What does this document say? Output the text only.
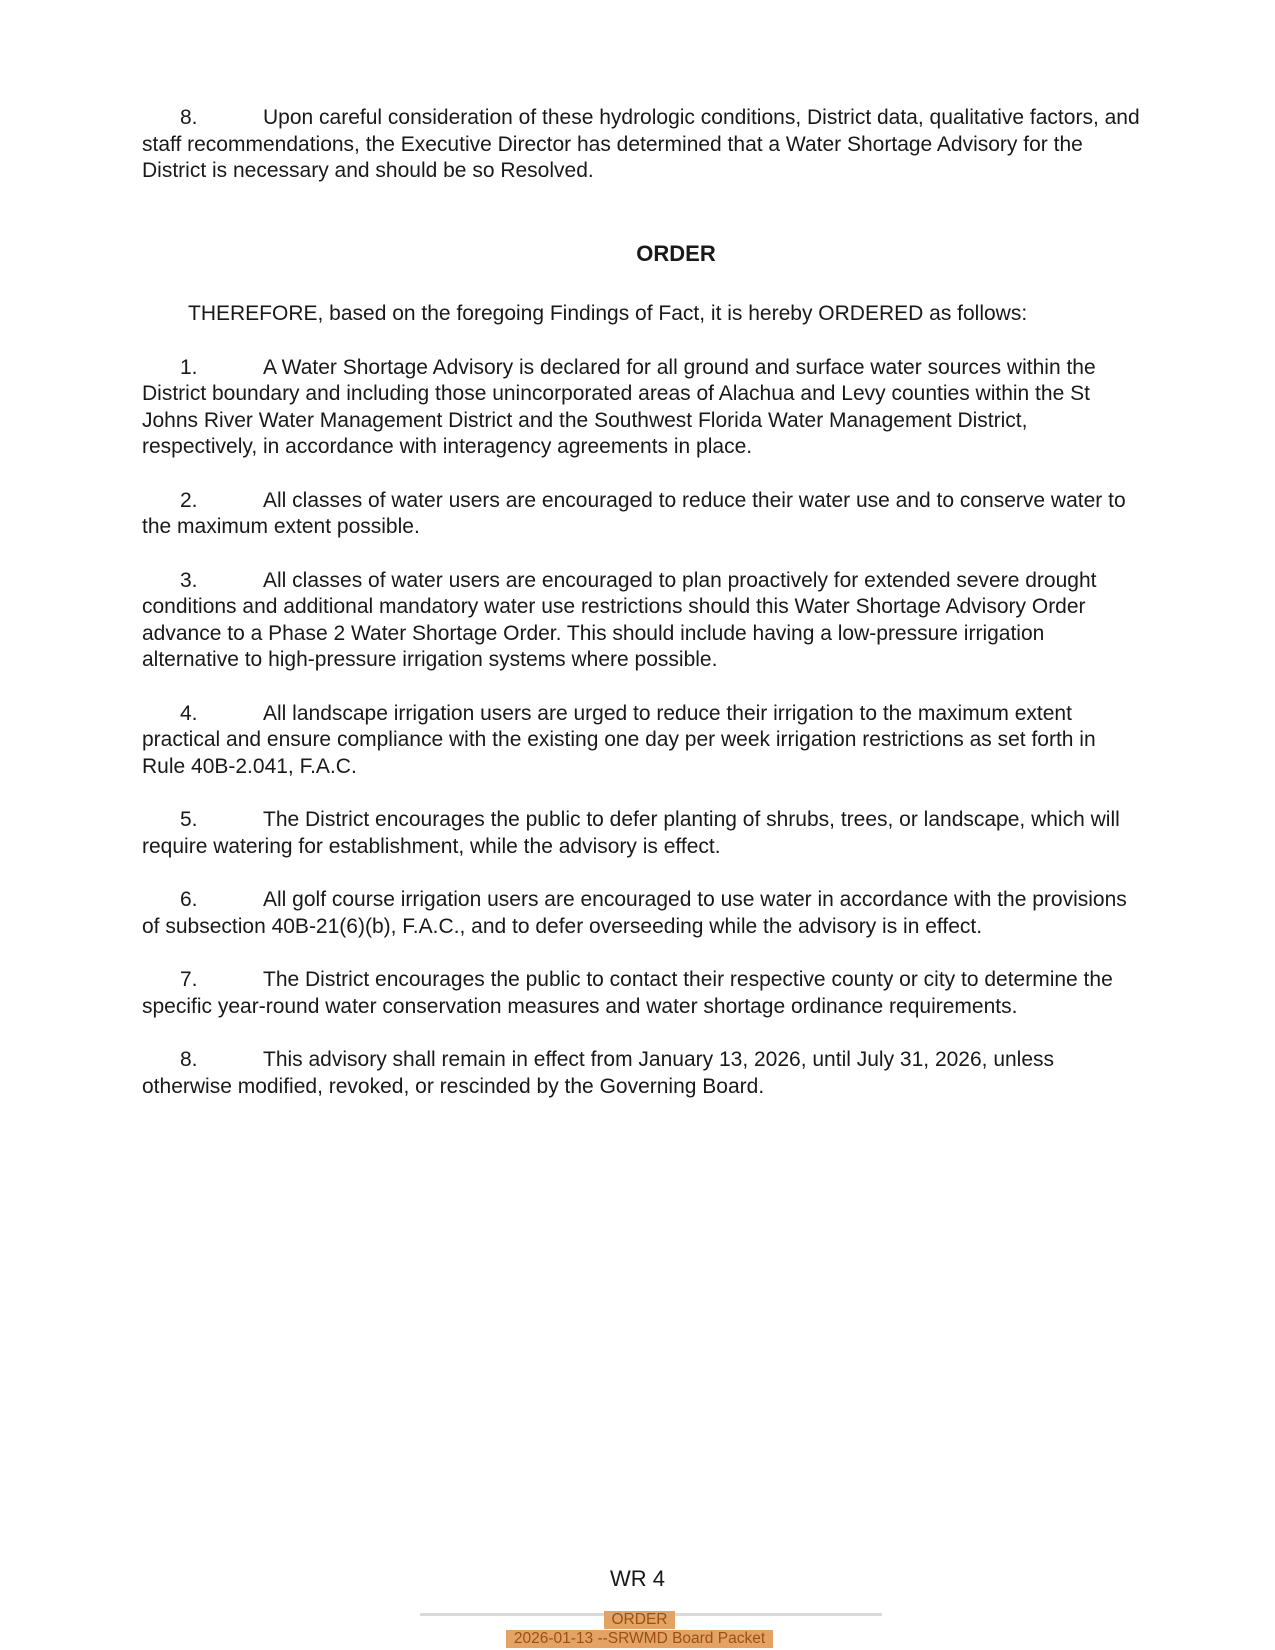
8.	Upon careful consideration of these hydrologic conditions, District data, qualitative factors, and staff recommendations, the Executive Director has determined that a Water Shortage Advisory for the District is necessary and should be so Resolved.

ORDER

THEREFORE, based on the foregoing Findings of Fact, it is hereby ORDERED as follows:

1.	A Water Shortage Advisory is declared for all ground and surface water sources within the District boundary and including those unincorporated areas of Alachua and Levy counties within the St Johns River Water Management District and the Southwest Florida Water Management District, respectively, in accordance with interagency agreements in place.

2.	All classes of water users are encouraged to reduce their water use and to conserve water to the maximum extent possible.

3.	All classes of water users are encouraged to plan proactively for extended severe drought conditions and additional mandatory water use restrictions should this Water Shortage Advisory Order advance to a Phase 2 Water Shortage Order. This should include having a low-pressure irrigation alternative to high-pressure irrigation systems where possible.

4.	All landscape irrigation users are urged to reduce their irrigation to the maximum extent practical and ensure compliance with the existing one day per week irrigation restrictions as set forth in Rule 40B-2.041, F.A.C.

5.	The District encourages the public to defer planting of shrubs, trees, or landscape, which will require watering for establishment, while the advisory is effect.

6.	All golf course irrigation users are encouraged to use water in accordance with the provisions of subsection 40B-21(6)(b), F.A.C., and to defer overseeding while the advisory is in effect.

7.	The District encourages the public to contact their respective county or city to determine the specific year-round water conservation measures and water shortage ordinance requirements.

8.	This advisory shall remain in effect from January 13, 2026, until July 31, 2026, unless otherwise modified, revoked, or rescinded by the Governing Board.

WR 4
ORDER
2026-01-13 --SRWMD Board Packet
